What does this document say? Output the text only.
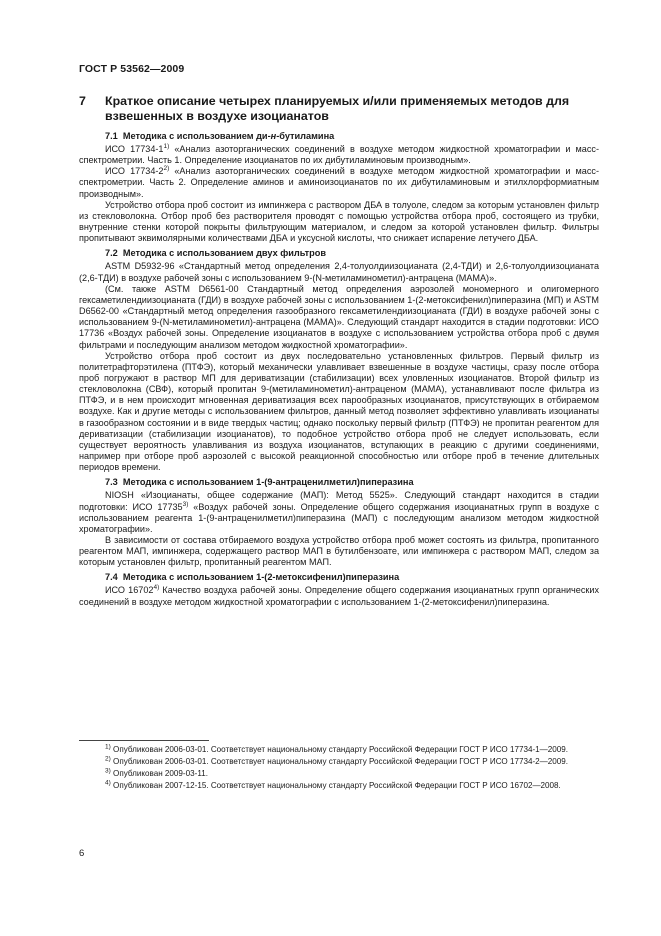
ГОСТ Р 53562—2009
7 Краткое описание четырех планируемых и/или применяемых методов для взвешенных в воздухе изоцианатов
7.1 Методика с использованием ди-н-бутиламина

ИСО 17734-1$^{1)}$ «Анализ азоторганических соединений в воздухе методом жидкостной хроматографии и масс-спектрометрии. Часть 1. Определение изоцианатов по их дибутиламиновым производным».

ИСО 17734-2$^{2)}$ «Анализ азоторганических соединений в воздухе методом жидкостной хроматографии и масс-спектрометрии. Часть 2. Определение аминов и аминоизоцианатов по их дибутиламиновым и этилхлорформиатным производным».

Устройство отбора проб состоит из импинжера с раствором ДБА в толуоле, следом за которым установлен фильтр из стекловолокна. Отбор проб без растворителя проводят с помощью устройства отбора проб, состоящего из трубки, внутренние стенки которой покрыты фильтрующим материалом, и следом за которой установлен фильтр. Фильтры пропитывают эквимолярными количествами ДБА и уксусной кислоты, что снижает испарение летучего ДБА.

7.2 Методика с использованием двух фильтров

ASTM D5932-96 «Стандартный метод определения 2,4-толуолдиизоцианата (2,4-ТДИ) и 2,6-толуолдиизоцианата (2,6-ТДИ) в воздухе рабочей зоны с использованием 9-(N-метиламинометил)-антрацена (МАМА)».

(См. также ASTM D6561-00 Стандартный метод определения аэрозолей мономерного и олигомерного гексаметилендиизоцианата (ГДИ) в воздухе рабочей зоны с использованием 1-(2-метоксифенил)пиперазина (МП) и ASTM D6562-00 «Стандартный метод определения газообразного гексаметилендиизоцианата (ГДИ) в воздухе рабочей зоны с использованием 9-(N-метиламинометил)-антрацена (МАМА)». Следующий стандарт находится в стадии подготовки: ИСО 17736 «Воздух рабочей зоны. Определение изоцианатов в воздухе с использованием устройства отбора проб с двумя фильтрами и последующим анализом методом жидкостной хроматографии».

Устройство отбора проб состоит из двух последовательно установленных фильтров. Первый фильтр из политетрафторэтилена (ПТФЭ), который механически улавливает взвешенные в воздухе частицы, сразу после отбора проб погружают в раствор МП для дериватизации (стабилизации) всех уловленных изоцианатов. Второй фильтр из стекловолокна (СВФ), который пропитан 9-(метиламинометил)-антраценом (МАМА), устанавливают после фильтра из ПТФЭ, и в нем происходит мгновенная дериватизация всех парообразных изоцианатов, присутствующих в отбираемом воздухе. Как и другие методы с использованием фильтров, данный метод позволяет эффективно улавливать изоцианаты в газообразном состоянии и в виде твердых частиц; однако поскольку первый фильтр (ПТФЭ) не пропитан реагентом для дериватизации (стабилизации изоцианатов), то подобное устройство отбора проб не следует использовать, если существует вероятность улавливания из воздуха изоцианатов, вступающих в реакцию с другими соединениями, например при отборе проб аэрозолей с высокой реакционной способностью или отборе проб в течение длительных периодов времени.

7.3 Методика с использованием 1-(9-антраценилметил)пиперазина

NIOSH «Изоцианаты, общее содержание (МАП): Метод 5525». Следующий стандарт находится в стадии подготовки: ИСО 17735$^{3)}$ «Воздух рабочей зоны. Определение общего содержания изоцианатных групп в воздухе с использованием реагента 1-(9-антраценилметил)пиперазина (МАП) с последующим анализом методом жидкостной хроматографии».

В зависимости от состава отбираемого воздуха устройство отбора проб может состоять из фильтра, пропитанного реагентом МАП, импинжера, содержащего раствор МАП в бутилбензоате, или импинжера с раствором МАП, следом за которым установлен фильтр, пропитанный реагентом МАП.

7.4 Методика с использованием 1-(2-метоксифенил)пиперазина

ИСО 16702$^{4)}$ Качество воздуха рабочей зоны. Определение общего содержания изоцианатных групп органических соединений в воздухе методом жидкостной хроматографии с использованием 1-(2-метоксифенил)пиперазина.

$^{1)}$ Опубликован 2006-03-01. Соответствует национальному стандарту Российской Федерации ГОСТ Р ИСО 17734-1—2009.

$^{2)}$ Опубликован 2006-03-01. Соответствует национальному стандарту Российской Федерации ГОСТ Р ИСО 17734-2—2009.

$^{3)}$ Опубликован 2009-03-11.

$^{4)}$ Опубликован 2007-12-15. Соответствует национальному стандарту Российской Федерации ГОСТ Р ИСО 16702—2008.

6
